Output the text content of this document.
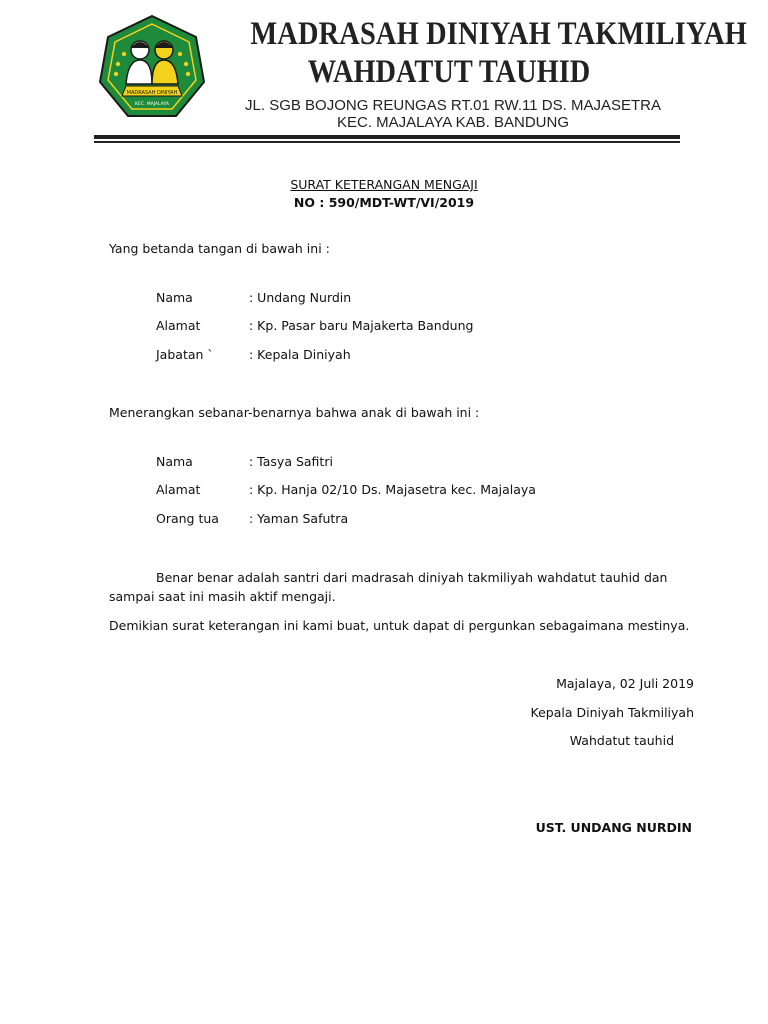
MADRASAH DINIYAH
KEC. MAJALAYA
MADRASAH DINIYAH TAKMILIYAH
WAHDATUT TAUHID
JL. SGB BOJONG REUNGAS RT.01 RW.11 DS. MAJASETRA
KEC. MAJALAYA KAB. BANDUNG
SURAT KETERANGAN MENGAJI
NO : 590/MDT-WT/VI/2019
Yang betanda tangan di bawah ini :
Nama	: Undang Nurdin
Alamat	: Kp. Pasar baru Majakerta Bandung
Jabatan `	: Kepala Diniyah
Menerangkan sebanar-benarnya bahwa anak di bawah ini :
Nama	: Tasya Safitri
Alamat	: Kp. Hanja 02/10 Ds. Majasetra kec. Majalaya
Orang tua : Yaman Safutra
Benar benar adalah santri dari madrasah diniyah takmiliyah wahdatut tauhid dan
sampai saat ini masih aktif mengaji.
Demikian surat keterangan ini kami buat, untuk dapat di pergunkan sebagaimana mestinya.
Majalaya, 02 Juli 2019
Kepala Diniyah Takmiliyah
Wahdatut tauhid
UST. UNDANG NURDIN
